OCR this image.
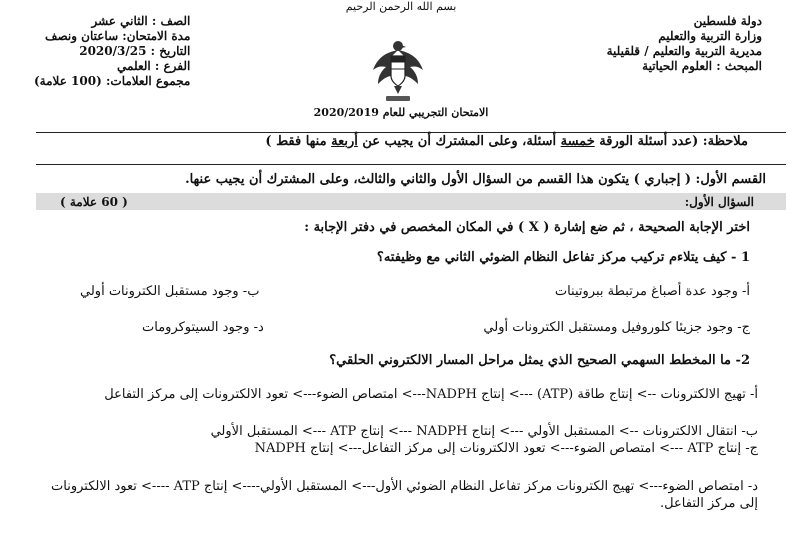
بسم الله الرحمن الرحيم
دولة فلسطين
وزارة التربية والتعليم
مديرية التربية والتعليم / قلقيلية
المبحث : العلوم الحياتية
الصف : الثاني عشر
مدة الامتحان: ساعتان ونصف
التاريخ : 2020/3/25
الفرع : العلمي
مجموع العلامات: (100 علامة)
الامتحان التجريبي للعام 2020/2019
ملاحظة: (عدد أسئلة الورقة خمسة أسئلة، وعلى المشترك أن يجيب عن أربعة منها فقط )
القسم الأول: ( إجباري ) يتكون هذا القسم من السؤال الأول والثاني والثالث، وعلى المشترك أن يجيب عنها.
السؤال الأول:
( 60 علامة )
اختر الإجابة الصحيحة ، ثم ضع إشارة ( X ) في المكان المخصص في دفتر الإجابة :
1 - كيف يتلاءم تركيب مركز تفاعل النظام الضوئي الثاني مع وظيفته؟
أ- وجود عدة أصباغ مرتبطة ببروتينات
ب- وجود مستقبل الكترونات أولي
ج- وجود جزيئا كلوروفيل ومستقبل الكترونات أولي
د- وجود السيتوكرومات
2- ما المخطط السهمي الصحيح الذي يمثل مراحل المسار الالكتروني الحلقي؟
أ- تهيج الالكترونات --> إنتاج طاقة (ATP) ---> إنتاج NADPH---> امتصاص الضوء---> تعود الالكترونات إلى مركز التفاعل
ب- انتقال الالكترونات --> المستقبل الأولي ---> إنتاج NADPH ---> إنتاج ATP ---> المستقبل الأولي
ج- إنتاج ATP ---> امتصاص الضوء---> تعود الالكترونات إلى مركز التفاعل---> إنتاج NADPH
د- امتصاص الضوء---> تهيج الكترونات مركز تفاعل النظام الضوئي الأول---> المستقبل الأولي----> إنتاج ATP ----> تعود الالكترونات إلى مركز التفاعل.
